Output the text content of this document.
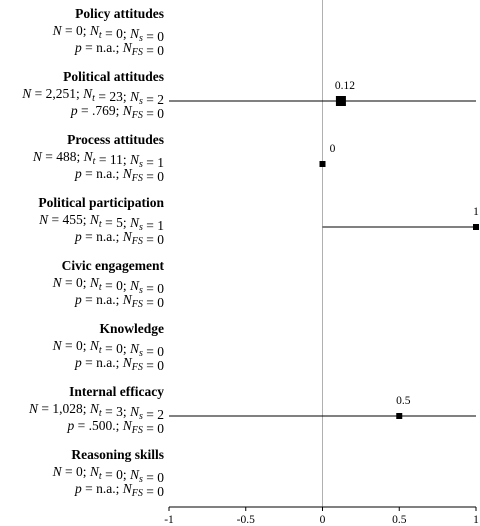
-1	-0.5	0	0.5	1
Policy attitudes
N = 0; $N_t = 0$; $N_s = 0$
p = n.a.; $N_{FS} = 0$
Political attitudes
N = 2,251; $N_t = 23$; $N_s = 2$
p = .769; $N_{FS} = 0$
0.12
Process attitudes
N = 488; $N_t = 11$; $N_s = 1$
p = n.a.; $N_{FS} = 0$
0
Political participation
N = 455; $N_t = 5$; $N_s = 1$
p = n.a.; $N_{FS} = 0$
1
Civic engagement
N = 0; $N_t = 0$; $N_s = 0$
p = n.a.; $N_{FS} = 0$
Knowledge
N = 0; $N_t = 0$; $N_s = 0$
p = n.a.; $N_{FS} = 0$
Internal efficacy
N = 1,028; $N_t = 3$; $N_s = 2$
p = .500.; $N_{FS} = 0$
0.5
Reasoning skills
N = 0; $N_t = 0$; $N_s = 0$
p = n.a.; $N_{FS} = 0$
